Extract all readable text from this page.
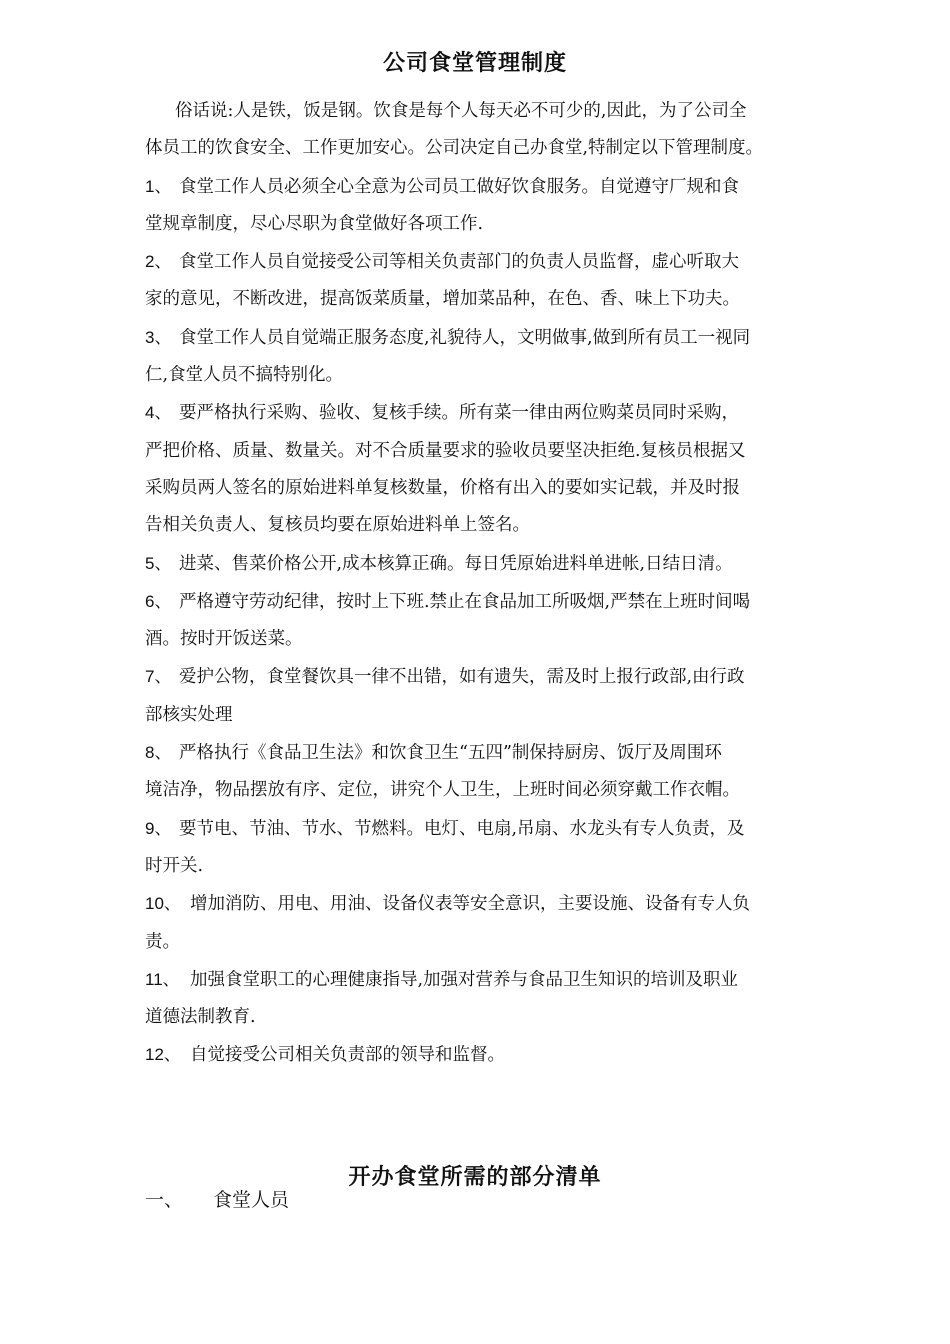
公司食堂管理制度

俗话说:人是铁，饭是钢。饮食是每个人每天必不可少的,因此，为了公司全
体员工的饮食安全、工作更加安心。公司决定自己办食堂,特制定以下管理制度。

1、 食堂工作人员必须全心全意为公司员工做好饮食服务。自觉遵守厂规和食
堂规章制度，尽心尽职为食堂做好各项工作.

2、 食堂工作人员自觉接受公司等相关负责部门的负责人员监督，虚心听取大
家的意见，不断改进，提高饭菜质量，增加菜品种，在色、香、味上下功夫。

3、 食堂工作人员自觉端正服务态度,礼貌待人，文明做事,做到所有员工一视同
仁,食堂人员不搞特别化。

4、 要严格执行采购、验收、复核手续。所有菜一律由两位购菜员同时采购，
严把价格、质量、数量关。对不合质量要求的验收员要坚决拒绝.复核员根据又
采购员两人签名的原始进料单复核数量，价格有出入的要如实记载，并及时报
告相关负责人、复核员均要在原始进料单上签名。

5、 进菜、售菜价格公开,成本核算正确。每日凭原始进料单进帐,日结日清。

6、 严格遵守劳动纪律，按时上下班.禁止在食品加工所吸烟,严禁在上班时间喝
酒。按时开饭送菜。

7、 爱护公物，食堂餐饮具一律不出错，如有遗失，需及时上报行政部,由行政
部核实处理

8、 严格执行《食品卫生法》和饮食卫生“五四”制保持厨房、饭厅及周围环
境洁净，物品摆放有序、定位，讲究个人卫生，上班时间必须穿戴工作衣帽。

9、 要节电、节油、节水、节燃料。电灯、电扇,吊扇、水龙头有专人负责，及
时开关.

10、 增加消防、用电、用油、设备仪表等安全意识，主要设施、设备有专人负
责。

11、 加强食堂职工的心理健康指导,加强对营养与食品卫生知识的培训及职业
道德法制教育.

12、 自觉接受公司相关负责部的领导和监督。

开办食堂所需的部分清单
一、 食堂人员
